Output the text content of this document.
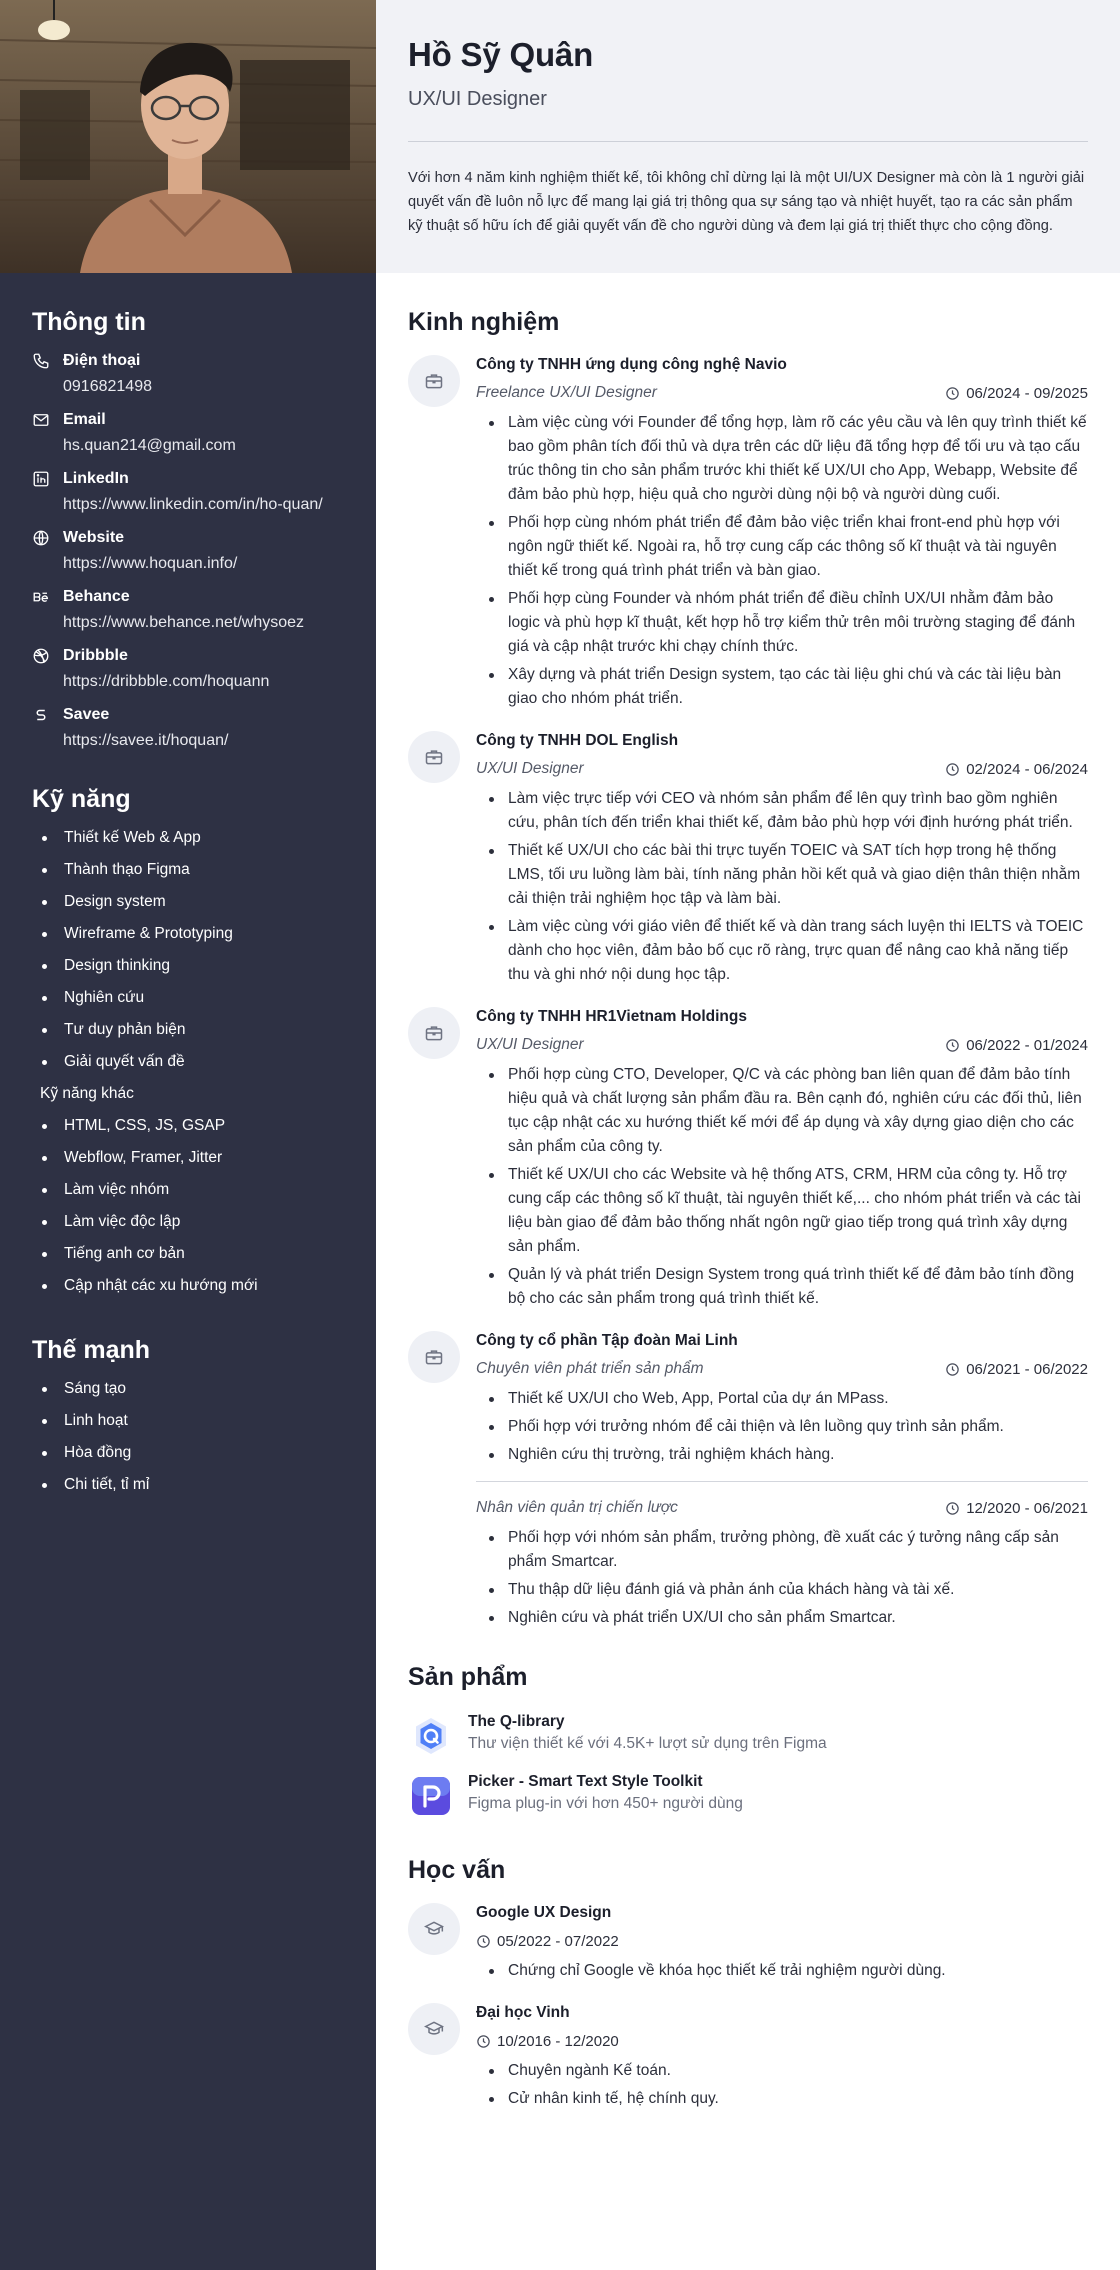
Thông tin
Điện thoại
0916821498
Email
hs.quan214@gmail.com
LinkedIn
https://www.linkedin.com/in/ho-quan/
Website
https://www.hoquan.info/
Behance
https://www.behance.net/whysoez
Dribbble
https://dribbble.com/hoquann
Savee
https://savee.it/hoquan/
Kỹ năng
Thiết kế Web & App
Thành thạo Figma
Design system
Wireframe & Prototyping
Design thinking
Nghiên cứu
Tư duy phản biện
Giải quyết vấn đề
Kỹ năng khác
HTML, CSS, JS, GSAP
Webflow, Framer, Jitter
Làm việc nhóm
Làm việc độc lập
Tiếng anh cơ bản
Cập nhật các xu hướng mới
Thế mạnh
Sáng tạo
Linh hoạt
Hòa đồng
Chi tiết, tỉ mỉ
Hồ Sỹ Quân
UX/UI Designer
Với hơn 4 năm kinh nghiệm thiết kế, tôi không chỉ dừng lại là một UI/UX Designer mà còn là 1 người giải quyết vấn đề luôn nỗ lực để mang lại giá trị thông qua sự sáng tạo và nhiệt huyết, tạo ra các sản phẩm kỹ thuật số hữu ích để giải quyết vấn đề cho người dùng và đem lại giá trị thiết thực cho cộng đồng.
Kinh nghiệm
Công ty TNHH ứng dụng công nghệ Navio
Freelance UX/UI Designer	06/2024 - 09/2025
Làm việc cùng với Founder để tổng hợp, làm rõ các yêu cầu và lên quy trình thiết kế bao gồm phân tích đối thủ và dựa trên các dữ liệu đã tổng hợp để tối ưu và tạo cấu trúc thông tin cho sản phẩm trước khi thiết kế UX/UI cho App, Webapp, Website để đảm bảo phù hợp, hiệu quả cho người dùng nội bộ và người dùng cuối.
Phối hợp cùng nhóm phát triển để đảm bảo việc triển khai front-end phù hợp với ngôn ngữ thiết kế. Ngoài ra, hỗ trợ cung cấp các thông số kĩ thuật và tài nguyên thiết kế trong quá trình phát triển và bàn giao.
Phối hợp cùng Founder và nhóm phát triển để điều chỉnh UX/UI nhằm đảm bảo logic và phù hợp kĩ thuật, kết hợp hỗ trợ kiểm thử trên môi trường staging để đánh giá và cập nhật trước khi chạy chính thức.
Xây dựng và phát triển Design system, tạo các tài liệu ghi chú và các tài liệu bàn giao cho nhóm phát triển.
Công ty TNHH DOL English
UX/UI Designer	02/2024 - 06/2024
Làm việc trực tiếp với CEO và nhóm sản phẩm để lên quy trình bao gồm nghiên cứu, phân tích đến triển khai thiết kế, đảm bảo phù hợp với định hướng phát triển.
Thiết kế UX/UI cho các bài thi trực tuyến TOEIC và SAT tích hợp trong hệ thống LMS, tối ưu luồng làm bài, tính năng phản hồi kết quả và giao diện thân thiện nhằm cải thiện trải nghiệm học tập và làm bài.
Làm việc cùng với giáo viên để thiết kế và dàn trang sách luyện thi IELTS và TOEIC dành cho học viên, đảm bảo bố cục rõ ràng, trực quan để nâng cao khả năng tiếp thu và ghi nhớ nội dung học tập.
Công ty TNHH HR1Vietnam Holdings
UX/UI Designer	06/2022 - 01/2024
Phối hợp cùng CTO, Developer, Q/C và các phòng ban liên quan để đảm bảo tính hiệu quả và chất lượng sản phẩm đầu ra. Bên cạnh đó, nghiên cứu các đối thủ, liên tục cập nhật các xu hướng thiết kế mới để áp dụng và xây dựng giao diện cho các sản phẩm của công ty.
Thiết kế UX/UI cho các Website và hệ thống ATS, CRM, HRM của công ty. Hỗ trợ cung cấp các thông số kĩ thuật, tài nguyên thiết kế,... cho nhóm phát triển và các tài liệu bàn giao để đảm bảo thống nhất ngôn ngữ giao tiếp trong quá trình xây dựng sản phẩm.
Quản lý và phát triển Design System trong quá trình thiết kế để đảm bảo tính đồng bộ cho các sản phẩm trong quá trình thiết kế.
Công ty cổ phần Tập đoàn Mai Linh
Chuyên viên phát triển sản phẩm	06/2021 - 06/2022
Thiết kế UX/UI cho Web, App, Portal của dự án MPass.
Phối hợp với trưởng nhóm để cải thiện và lên luồng quy trình sản phẩm.
Nghiên cứu thị trường, trải nghiệm khách hàng.
Nhân viên quản trị chiến lược	12/2020 - 06/2021
Phối hợp với nhóm sản phẩm, trưởng phòng, đề xuất các ý tưởng nâng cấp sản phẩm Smartcar.
Thu thập dữ liệu đánh giá và phản ánh của khách hàng và tài xế.
Nghiên cứu và phát triển UX/UI cho sản phẩm Smartcar.
Sản phẩm
The Q-library
Thư viện thiết kế với 4.5K+ lượt sử dụng trên Figma
Picker - Smart Text Style Toolkit
Figma plug-in với hơn 450+ người dùng
Học vấn
Google UX Design
05/2022 - 07/2022
Chứng chỉ Google về khóa học thiết kế trải nghiệm người dùng.
Đại học Vinh
10/2016 - 12/2020
Chuyên ngành Kế toán.
Cử nhân kinh tế, hệ chính quy.
